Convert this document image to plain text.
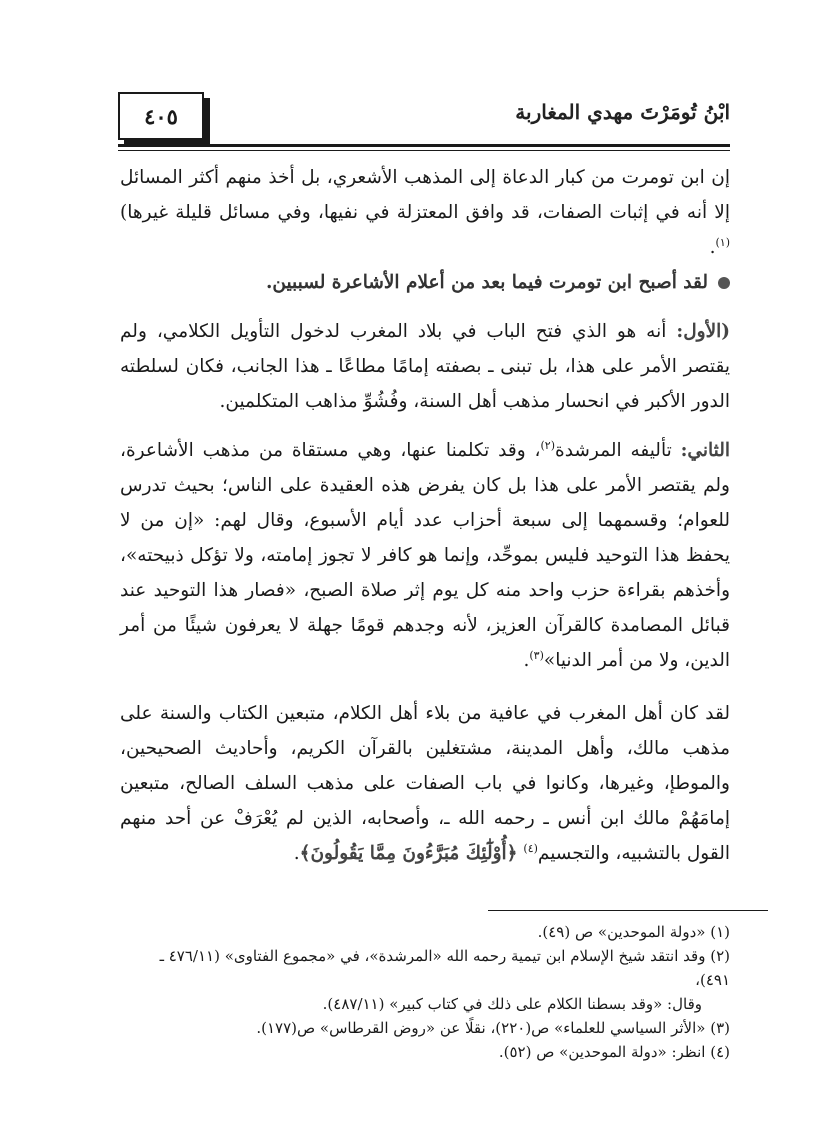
٤٠٥	ابْنُ تُومَرْتَ مهدي المغاربة

إن ابن تومرت من كبار الدعاة إلى المذهب الأشعري، بل أخذ منهم أكثر المسائل إلا أنه في إثبات الصفات، قد وافق المعتزلة في نفيها، وفي مسائل قليلة غيرها)$^{(١)}$.

لقد أصبح ابن تومرت فيما بعد من أعلام الأشاعرة لسببين.

(الأول: أنه هو الذي فتح الباب في بلاد المغرب لدخول التأويل الكلامي، ولم يقتصر الأمر على هذا، بل تبنى ـ بصفته إمامًا مطاعًا ـ هذا الجانب، فكان لسلطته الدور الأكبر في انحسار مذهب أهل السنة، وفُشُوِّ مذاهب المتكلمين.

الثاني: تأليفه المرشدة$^{(٢)}$، وقد تكلمنا عنها، وهي مستقاة من مذهب الأشاعرة، ولم يقتصر الأمر على هذا بل كان يفرض هذه العقيدة على الناس؛ بحيث تدرس للعوام؛ وقسمهما إلى سبعة أحزاب عدد أيام الأسبوع، وقال لهم: «إن من لا يحفظ هذا التوحيد فليس بموحِّد، وإنما هو كافر لا تجوز إمامته، ولا تؤكل ذبيحته»، وأخذهم بقراءة حزب واحد منه كل يوم إثر صلاة الصبح، «فصار هذا التوحيد عند قبائل المصامدة كالقرآن العزيز، لأنه وجدهم قومًا جهلة لا يعرفون شيئًا من أمر الدين، ولا من أمر الدنيا»$^{(٣)}$.

لقد كان أهل المغرب في عافية من بلاء أهل الكلام، متبعين الكتاب والسنة على مذهب مالك، وأهل المدينة، مشتغلين بالقرآن الكريم، وأحاديث الصحيحين، والموطإ، وغيرها، وكانوا في باب الصفات على مذهب السلف الصالح، متبعين إمامَهُمْ مالك ابن أنس ـ رحمه الله ـ، وأصحابه، الذين لم يُعْرَفْ عن أحد منهم القول بالتشبيه، والتجسيم$^{(٤)}$ ﴿أُوْلَٰٓئِكَ مُبَرَّءُونَ مِمَّا يَقُولُونَ﴾.

(١) «دولة الموحدين» ص (٤٩).

(٢) وقد انتقد شيخ الإسلام ابن تيمية رحمه الله «المرشدة»، في «مجموع الفتاوى» (٤٧٦/١١ ـ ٤٩١)،

وقال: «وقد بسطنا الكلام على ذلك في كتاب كبير» (٤٨٧/١١).

(٣) «الأثر السياسي للعلماء» ص(٢٢٠)، نقلًا عن «روض القرطاس» ص(١٧٧).

(٤) انظر: «دولة الموحدين» ص (٥٢).
